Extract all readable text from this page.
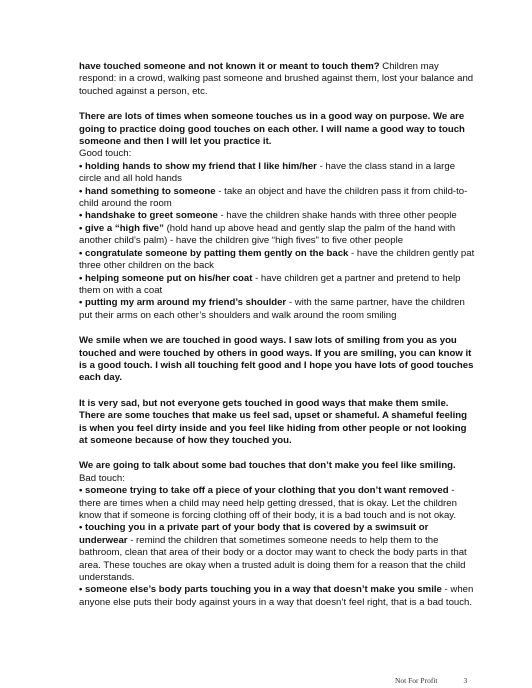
have touched someone and not known it or meant to touch them? Children may respond: in a crowd, walking past someone and brushed against them, lost your balance and touched against a person, etc.

There are lots of times when someone touches us in a good way on purpose. We are going to practice doing good touches on each other. I will name a good way to touch someone and then I will let you practice it.
Good touch:
• holding hands to show my friend that I like him/her - have the class stand in a large circle and all hold hands
• hand something to someone - take an object and have the children pass it from child-to-child around the room
• handshake to greet someone - have the children shake hands with three other people
• give a “high five” (hold hand up above head and gently slap the palm of the hand with another child’s palm) - have the children give “high fives” to five other people
• congratulate someone by patting them gently on the back - have the children gently pat three other children on the back
• helping someone put on his/her coat - have children get a partner and pretend to help them on with a coat
• putting my arm around my friend’s shoulder - with the same partner, have the children put their arms on each other’s shoulders and walk around the room smiling

We smile when we are touched in good ways. I saw lots of smiling from you as you touched and were touched by others in good ways. If you are smiling, you can know it is a good touch. I wish all touching felt good and I hope you have lots of good touches each day.

It is very sad, but not everyone gets touched in good ways that make them smile. There are some touches that make us feel sad, upset or shameful. A shameful feeling is when you feel dirty inside and you feel like hiding from other people or not looking at someone because of how they touched you.

We are going to talk about some bad touches that don’t make you feel like smiling.
Bad touch:
• someone trying to take off a piece of your clothing that you don’t want removed - there are times when a child may need help getting dressed, that is okay. Let the children know that if someone is forcing clothing off of their body, it is a bad touch and is not okay.
• touching you in a private part of your body that is covered by a swimsuit or underwear - remind the children that sometimes someone needs to help them to the bathroom, clean that area of their body or a doctor may want to check the body parts in that area. These touches are okay when a trusted adult is doing them for a reason that the child understands.
• someone else’s body parts touching you in a way that doesn’t make you smile - when anyone else puts their body against yours in a way that doesn’t feel right, that is a bad touch.
Not For Profit	3
